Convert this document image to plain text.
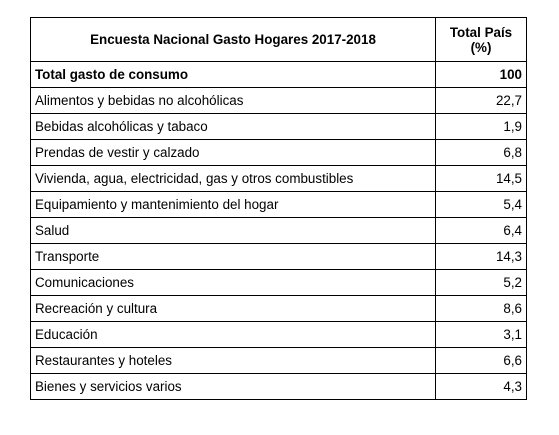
Encuesta Nacional Gasto Hogares 2017-2018	Total País
(%)
Total gasto de consumo	100
Alimentos y bebidas no alcohólicas	22,7
Bebidas alcohólicas y tabaco	1,9
Prendas de vestir y calzado	6,8
Vivienda, agua, electricidad, gas y otros combustibles	14,5
Equipamiento y mantenimiento del hogar	5,4
Salud	6,4
Transporte	14,3
Comunicaciones	5,2
Recreación y cultura	8,6
Educación	3,1
Restaurantes y hoteles	6,6
Bienes y servicios varios	4,3
